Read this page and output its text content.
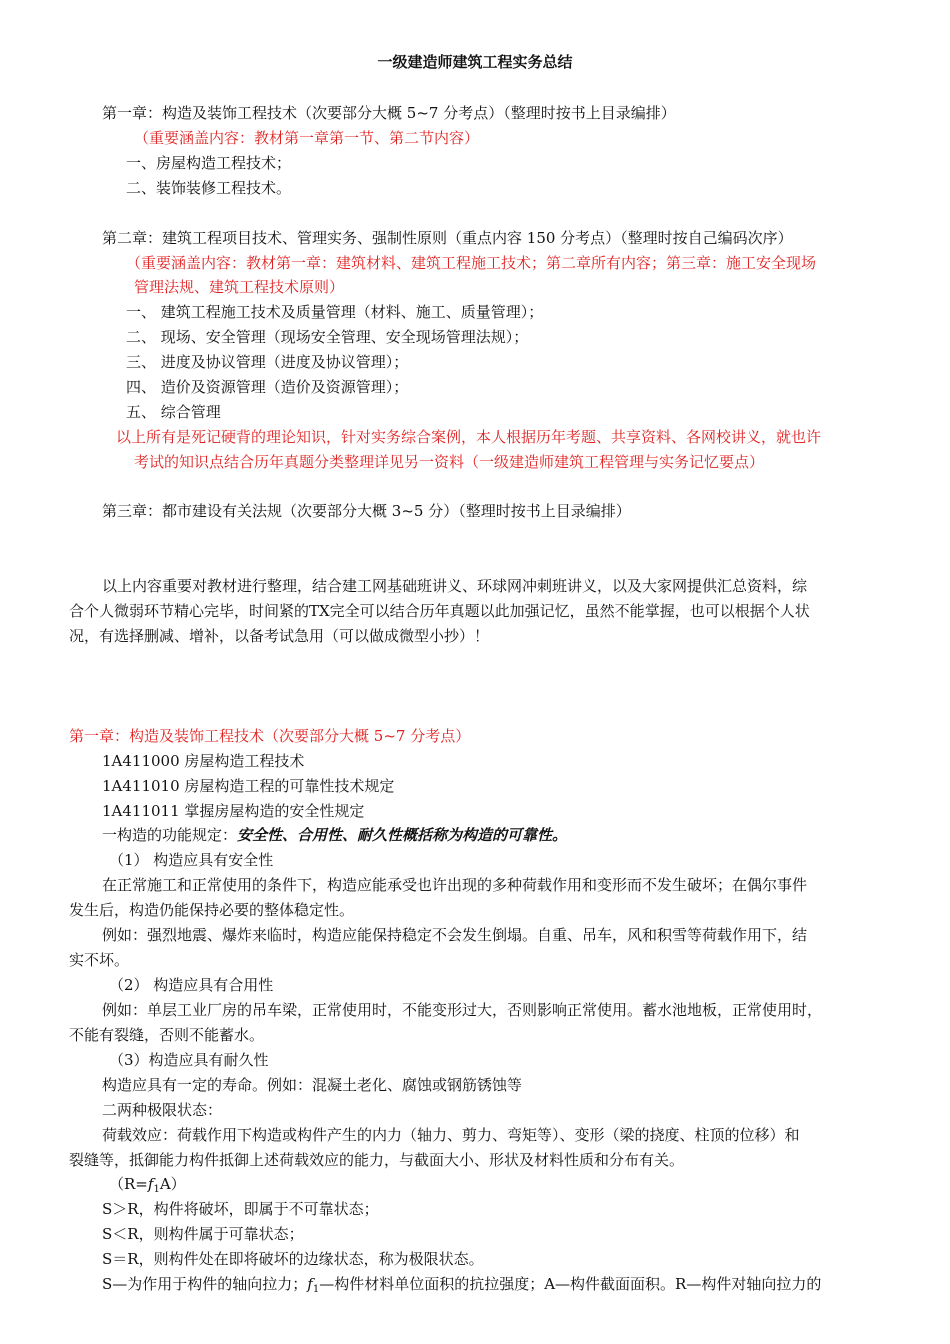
一级建造师建筑工程实务总结
第一章：构造及装饰工程技术（次要部分大概 5~7 分考点）（整理时按书上目录编排）
（重要涵盖内容：教材第一章第一节、第二节内容）
一、房屋构造工程技术；
二、装饰装修工程技术。
第二章：建筑工程项目技术、管理实务、强制性原则（重点内容 150 分考点）（整理时按自己编码次序）
（重要涵盖内容：教材第一章：建筑材料、建筑工程施工技术；第二章所有内容；第三章：施工安全现场
管理法规、建筑工程技术原则）
一、 建筑工程施工技术及质量管理（材料、施工、质量管理）；
二、 现场、安全管理（现场安全管理、安全现场管理法规）；
三、 进度及协议管理（进度及协议管理）；
四、 造价及资源管理（造价及资源管理）；
五、 综合管理
以上所有是死记硬背的理论知识，针对实务综合案例，本人根据历年考题、共享资料、各网校讲义，就也许
考试的知识点结合历年真题分类整理详见另一资料（一级建造师建筑工程管理与实务记忆要点）
第三章：都市建设有关法规（次要部分大概 3~5 分）（整理时按书上目录编排）
以上内容重要对教材进行整理，结合建工网基础班讲义、环球网冲刺班讲义，以及大家网提供汇总资料，综
合个人微弱环节精心完毕，时间紧的TX完全可以结合历年真题以此加强记忆，虽然不能掌握，也可以根据个人状
况，有选择删减、增补，以备考试急用（可以做成微型小抄）！
第一章：构造及装饰工程技术（次要部分大概 5~7 分考点）
1A411000 房屋构造工程技术
1A411010 房屋构造工程的可靠性技术规定
1A411011 掌握房屋构造的安全性规定
一构造的功能规定：安全性、合用性、耐久性概括称为构造的可靠性。
（1） 构造应具有安全性
在正常施工和正常使用的条件下，构造应能承受也许出现的多种荷载作用和变形而不发生破坏；在偶尔事件
发生后，构造仍能保持必要的整体稳定性。
例如：强烈地震、爆炸来临时，构造应能保持稳定不会发生倒塌。自重、吊车，风和积雪等荷载作用下，结
实不坏。
（2） 构造应具有合用性
例如：单层工业厂房的吊车梁，正常使用时，不能变形过大，否则影响正常使用。蓄水池地板，正常使用时，
不能有裂缝，否则不能蓄水。
（3）构造应具有耐久性
构造应具有一定的寿命。例如：混凝土老化、腐蚀或钢筋锈蚀等
二两种极限状态：
荷载效应：荷载作用下构造或构件产生的内力（轴力、剪力、弯矩等）、变形（梁的挠度、柱顶的位移）和
裂缝等，抵御能力构件抵御上述荷载效应的能力，与截面大小、形状及材料性质和分布有关。
$(R=f_1A)$
S＞R，构件将破坏，即属于不可靠状态；
S＜R，则构件属于可靠状态；
S＝R，则构件处在即将破坏的边缘状态，称为极限状态。
S—为作用于构件的轴向拉力；$f_1—$构件材料单位面积的抗拉强度；A—构件截面面积。R—构件对轴向拉力的
